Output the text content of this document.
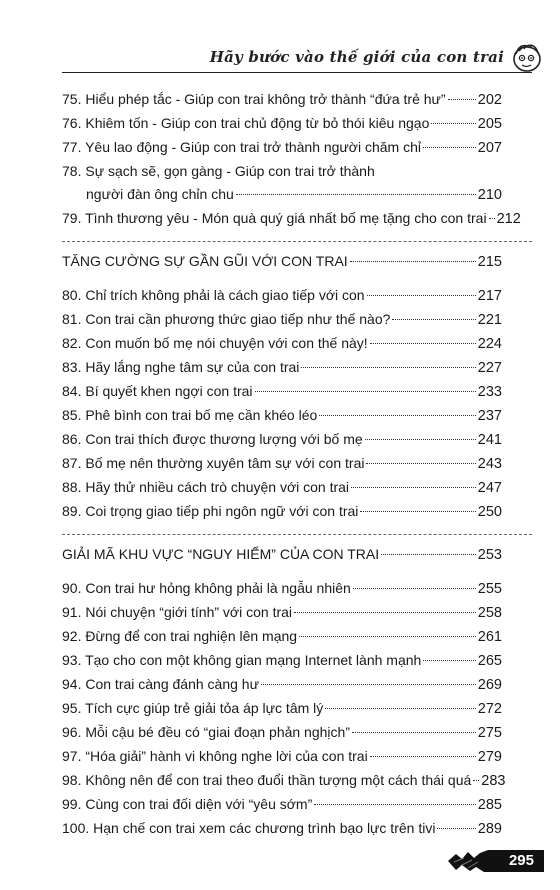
Hãy bước vào thế giới của con trai
75. Hiểu phép tắc - Giúp con trai không trở thành “đứa trẻ hư” 202
76. Khiêm tốn - Giúp con trai chủ động từ bỏ thói kiêu ngạo	205
77. Yêu lao động - Giúp con trai trở thành người chăm chỉ	207
78. Sự sạch sẽ, gọn gàng - Giúp con trai trở thành
người đàn ông chỉn chu	210
79. Tình thương yêu - Món quà quý giá nhất bố mẹ tặng cho con trai 212
TĂNG CƯỜNG SỰ GẦN GŨI VỚI CON TRAI	215
80. Chỉ trích không phải là cách giao tiếp với con	217
81. Con trai cần phương thức giao tiếp như thế nào?	221
82. Con muốn bố mẹ nói chuyện với con thế này!	224
83. Hãy lắng nghe tâm sự của con trai	227
84. Bí quyết khen ngợi con trai	233
85. Phê bình con trai bố mẹ cần khéo léo	237
86. Con trai thích được thương lượng với bố mẹ	241
87. Bố mẹ nên thường xuyên tâm sự với con trai	243
88. Hãy thử nhiều cách trò chuyện với con trai	247
89. Coi trọng giao tiếp phi ngôn ngữ với con trai	250
GIẢI MÃ KHU VỰC “NGUY HIỂM” CỦA CON TRAI	253
90. Con trai hư hỏng không phải là ngẫu nhiên	255
91. Nói chuyện “giới tính” với con trai	258
92. Đừng để con trai nghiện lên mạng	261
93. Tạo cho con một không gian mạng Internet lành mạnh	265
94. Con trai càng đánh càng hư	269
95. Tích cực giúp trẻ giải tỏa áp lực tâm lý	272
96. Mỗi cậu bé đều có “giai đoạn phản nghịch”	275
97. “Hóa giải” hành vi không nghe lời của con trai	279
98. Không nên để con trai theo đuổi thần tượng một cách thái quá 283
99. Cùng con trai đối diện với “yêu sớm”	285
100. Hạn chế con trai xem các chương trình bạo lực trên tivi	289
295
